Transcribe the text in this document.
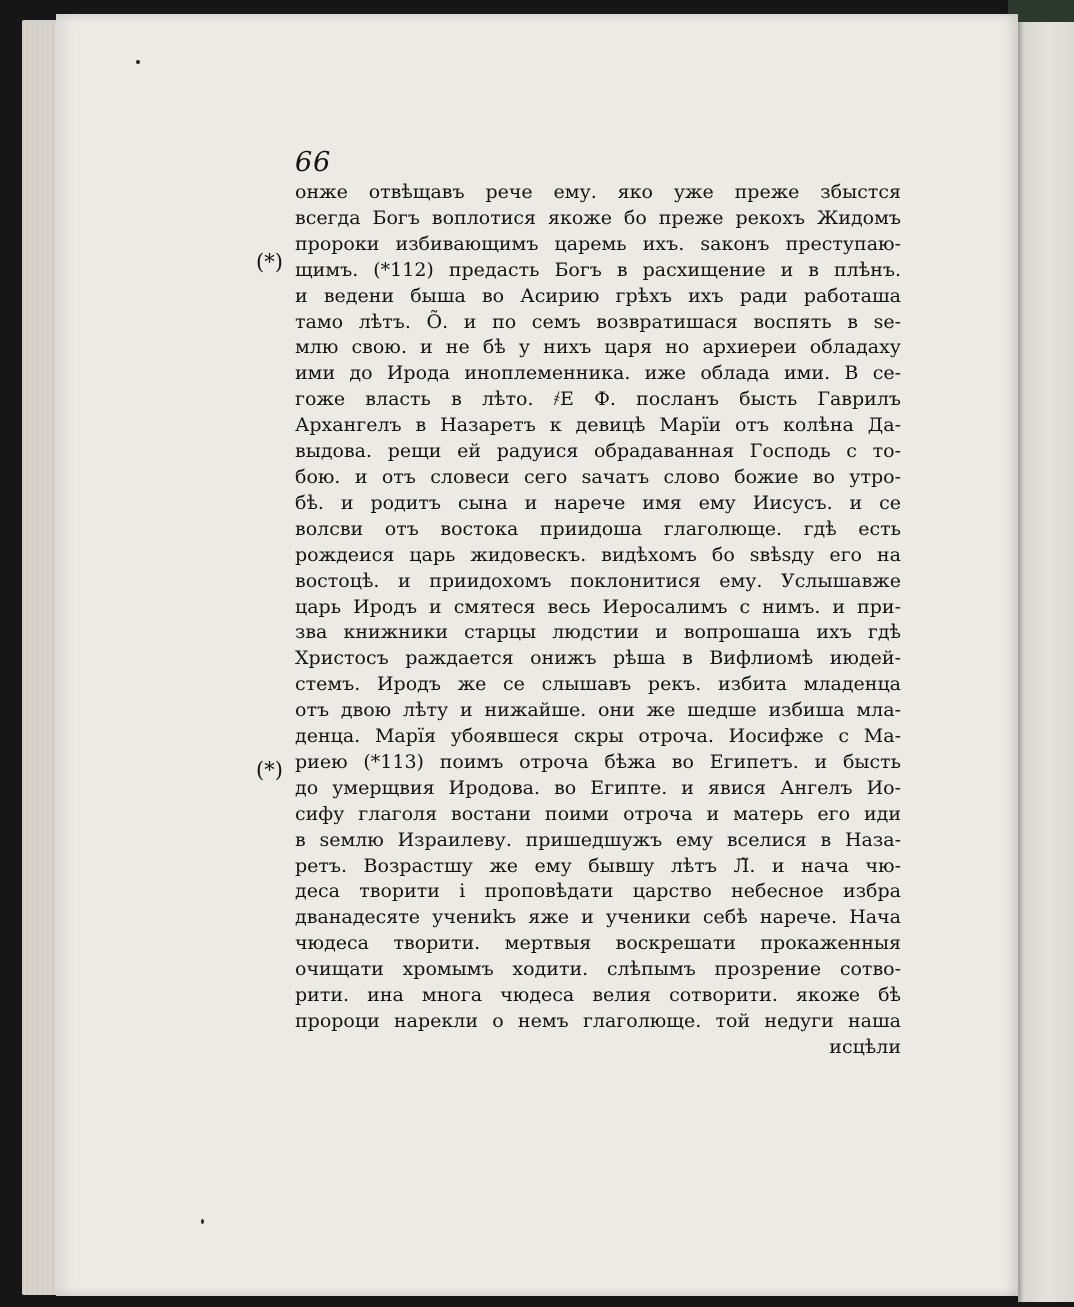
(*)
(*)
66
онже отвѣщавъ рече ему. яко уже преже збыстся
всегда Богъ воплотися якоже бо преже рекохъ Жидомъ
пророки избивающимъ царемь ихъ. ѕаконъ преступаю-
щимъ. (*112) предасть Богъ в расхищение и в плѣнъ.
и ведени быша во Асирию грѣхъ ихъ ради работаша
тамо лѣтъ. О̃. и по семъ возвратишася воспять в ѕе-
млю свою. и не бѣ у нихъ царя но архиереи обладаху
ими до Ирода иноплеменника. иже облада ими. В се-
гоже власть в лѣто. ҂Е Ф. посланъ бысть Гаврилъ
Архангелъ в Назаретъ к девицѣ Марїи отъ колѣна Да-
выдова. рещи ей радуися обрадаванная Господь с то-
бою. и отъ словеси сего ѕачатъ слово божие во утро-
бѣ. и родитъ сына и нарече имя ему Иисусъ. и се
волсви отъ востока приидоша глаголюще. гдѣ есть
рождеися царь жидовескъ. видѣхомъ бо ѕвѣѕду его на
востоцѣ. и приидохомъ поклонитися ему. Услышавже
царь Иродъ и смятеся весь Иеросалимъ с нимъ. и при-
зва книжники старцы людстии и вопрошаша ихъ гдѣ
Христосъ раждается онижъ рѣша в Вифлиомѣ июдей-
стемъ. Иродъ же се слышавъ рекъ. избита младенца
отъ двою лѣту и нижайше. они же шедше избиша мла-
денца. Марїя убоявшеся скры отроча. Иосифже с Ма-
риею (*113) поимъ отроча бѣжа во Египетъ. и бысть
до умерщвия Иродова. во Египте. и явися Ангелъ Ио-
сифу глаголя востани поими отроча и матерь его иди
в ѕемлю Израилеву. пришедшужъ ему вселися в Наза-
ретъ. Возрастшу же ему бывшу лѣтъ Л̃. и нача чю-
деса творити і проповѣдати царство небесное избра
дванадесяте учениkъ яже и ученики себѣ нарече. Нача
чюдеса творити. мертвыя воскрешати прокаженныя
очищати хромымъ ходити. слѣпымъ прозрение сотво-
рити. ина многа чюдеса велия сотворити. якоже бѣ
пророци нарекли о немъ глаголюще. той недуги наша
исцѣли
